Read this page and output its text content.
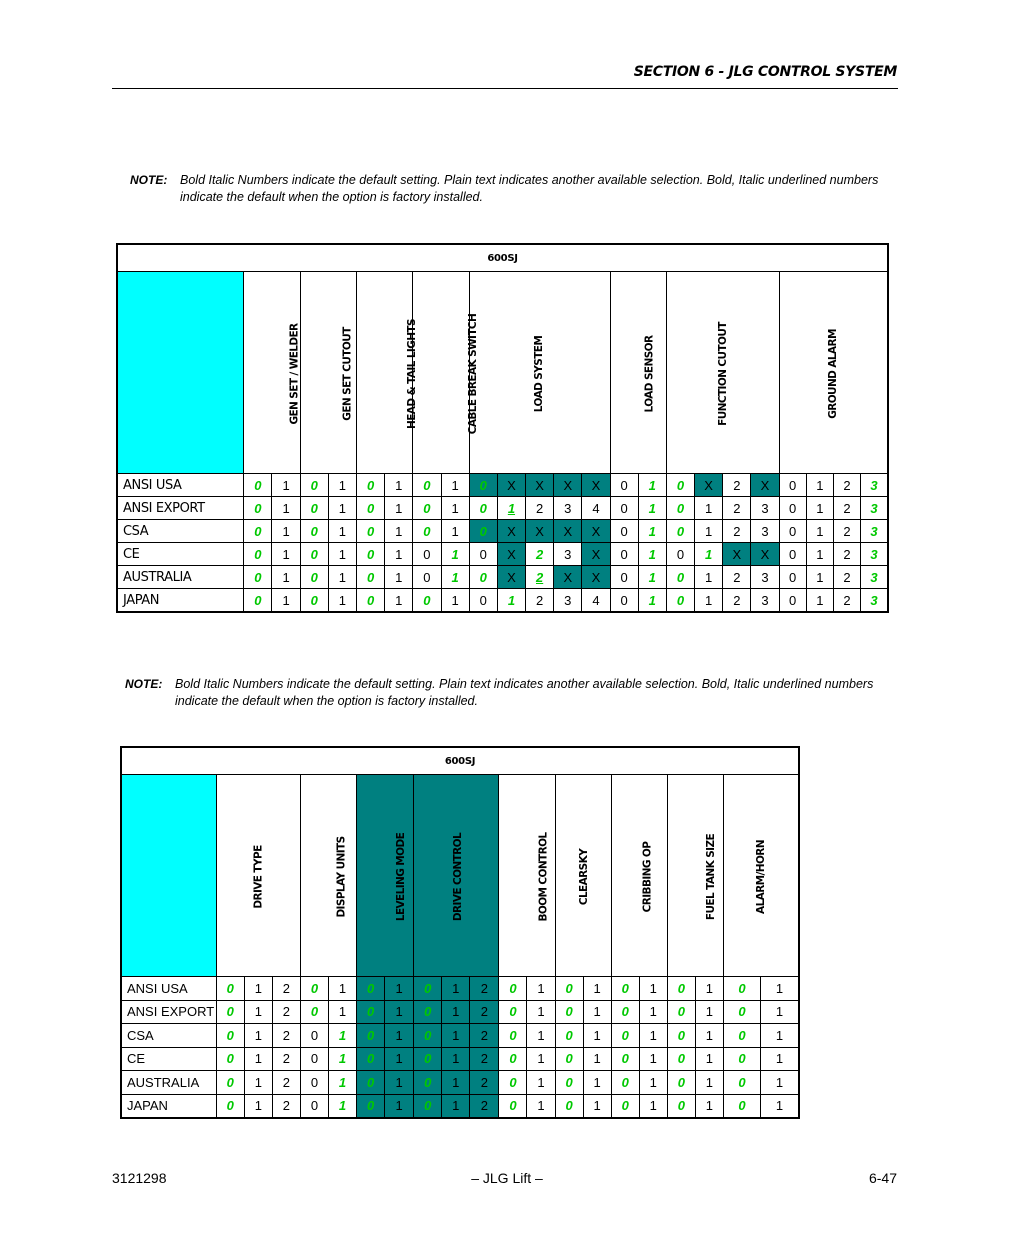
SECTION 6 - JLG CONTROL SYSTEM
NOTE: Bold Italic Numbers indicate the default setting. Plain text indicates another available selection. Bold, Italic underlined numbers indicate the default when the option is factory installed.
600SJ																							
	GEN SET / WELDER		GEN SET CUTOUT		HEAD & TAIL LIGHTS		CABLE BREAK SWITCH		LOAD SYSTEM					LOAD SENSOR		FUNCTION CUTOUT				GROUND ALARM			
ANSI USA	0	1	0	1	0	1	0	1	0	X	X	X	X	0	1	0	X	2	X	0	1	2	3
ANSI EXPORT	0	1	0	1	0	1	0	1	0	1	2	3	4	0	1	0	1	2	3	0	1	2	3
CSA	0	1	0	1	0	1	0	1	0	X	X	X	X	0	1	0	1	2	3	0	1	2	3
CE	0	1	0	1	0	1	0	1	0	X	2	3	X	0	1	0	1	X	X	0	1	2	3
AUSTRALIA	0	1	0	1	0	1	0	1	0	X	2	X	X	0	1	0	1	2	3	0	1	2	3
JAPAN	0	1	0	1	0	1	0	1	0	1	2	3	4	0	1	0	1	2	3	0	1	2	3
NOTE: Bold Italic Numbers indicate the default setting. Plain text indicates another available selection. Bold, Italic underlined numbers indicate the default when the option is factory installed.
600SJ																				
	DRIVE TYPE			DISPLAY UNITS		LEVELING MODE		DRIVE CONTROL			BOOM CONTROL		CLEARSKY		CRIBBING OP		FUEL TANK SIZE		ALARM/HORN	
ANSI USA	0	1	2	0	1	0	1	0	1	2	0	1	0	1	0	1	0	1	0	1
ANSI EXPORT	0	1	2	0	1	0	1	0	1	2	0	1	0	1	0	1	0	1	0	1
CSA	0	1	2	0	1	0	1	0	1	2	0	1	0	1	0	1	0	1	0	1
CE	0	1	2	0	1	0	1	0	1	2	0	1	0	1	0	1	0	1	0	1
AUSTRALIA	0	1	2	0	1	0	1	0	1	2	0	1	0	1	0	1	0	1	0	1
JAPAN	0	1	2	0	1	0	1	0	1	2	0	1	0	1	0	1	0	1	0	1
3121298	– JLG Lift –	6-47
